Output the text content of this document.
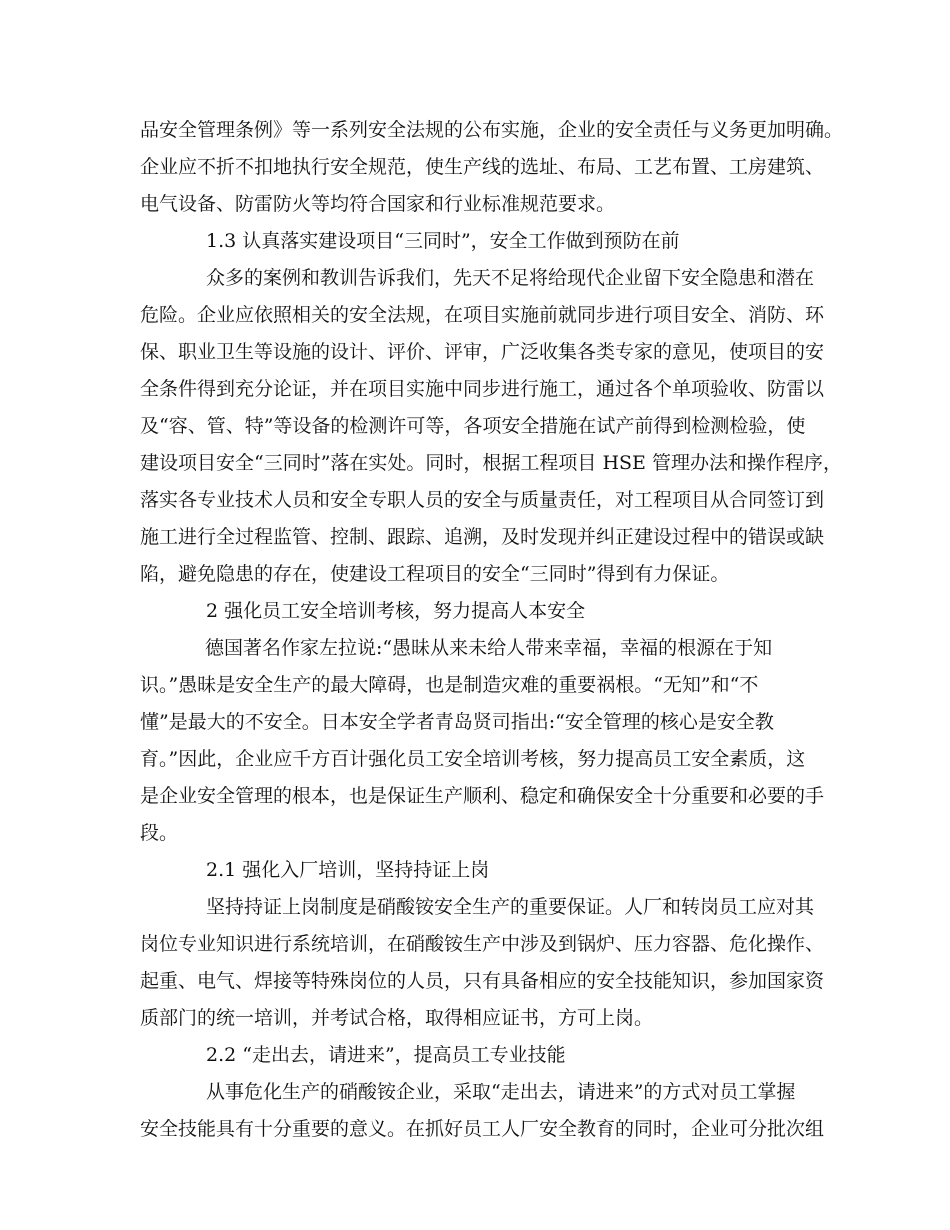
品安全管理条例》等一系列安全法规的公布实施，企业的安全责任与义务更加明确。
企业应不折不扣地执行安全规范，使生产线的选址、布局、工艺布置、工房建筑、
电气设备、防雷防火等均符合国家和行业标准规范要求。
1.3 认真落实建设项目“三同时”，安全工作做到预防在前
众多的案例和教训告诉我们，先天不足将给现代企业留下安全隐患和潜在
危险。企业应依照相关的安全法规，在项目实施前就同步进行项目安全、消防、环
保、职业卫生等设施的设计、评价、评审，广泛收集各类专家的意见，使项目的安
全条件得到充分论证，并在项目实施中同步进行施工，通过各个单项验收、防雷以
及“容、管、特”等设备的检测许可等，各项安全措施在试产前得到检测检验，使
建设项目安全“三同时”落在实处。同时，根据工程项目 HSE 管理办法和操作程序，
落实各专业技术人员和安全专职人员的安全与质量责任，对工程项目从合同签订到
施工进行全过程监管、控制、跟踪、追溯，及时发现并纠正建设过程中的错误或缺
陷，避免隐患的存在，使建设工程项目的安全“三同时”得到有力保证。
2 强化员工安全培训考核，努力提高人本安全
德国著名作家左拉说:“愚昧从来未给人带来幸福，幸福的根源在于知
识。”愚昧是安全生产的最大障碍，也是制造灾难的重要祸根。“无知”和“不
懂”是最大的不安全。日本安全学者青岛贤司指出:“安全管理的核心是安全教
育。”因此，企业应千方百计强化员工安全培训考核，努力提高员工安全素质，这
是企业安全管理的根本，也是保证生产顺利、稳定和确保安全十分重要和必要的手
段。
2.1 强化入厂培训，坚持持证上岗
坚持持证上岗制度是硝酸铵安全生产的重要保证。人厂和转岗员工应对其
岗位专业知识进行系统培训，在硝酸铵生产中涉及到锅炉、压力容器、危化操作、
起重、电气、焊接等特殊岗位的人员，只有具备相应的安全技能知识，参加国家资
质部门的统一培训，并考试合格，取得相应证书，方可上岗。
2.2 “走出去，请进来”，提高员工专业技能
从事危化生产的硝酸铵企业，采取“走出去，请进来”的方式对员工掌握
安全技能具有十分重要的意义。在抓好员工人厂安全教育的同时，企业可分批次组
